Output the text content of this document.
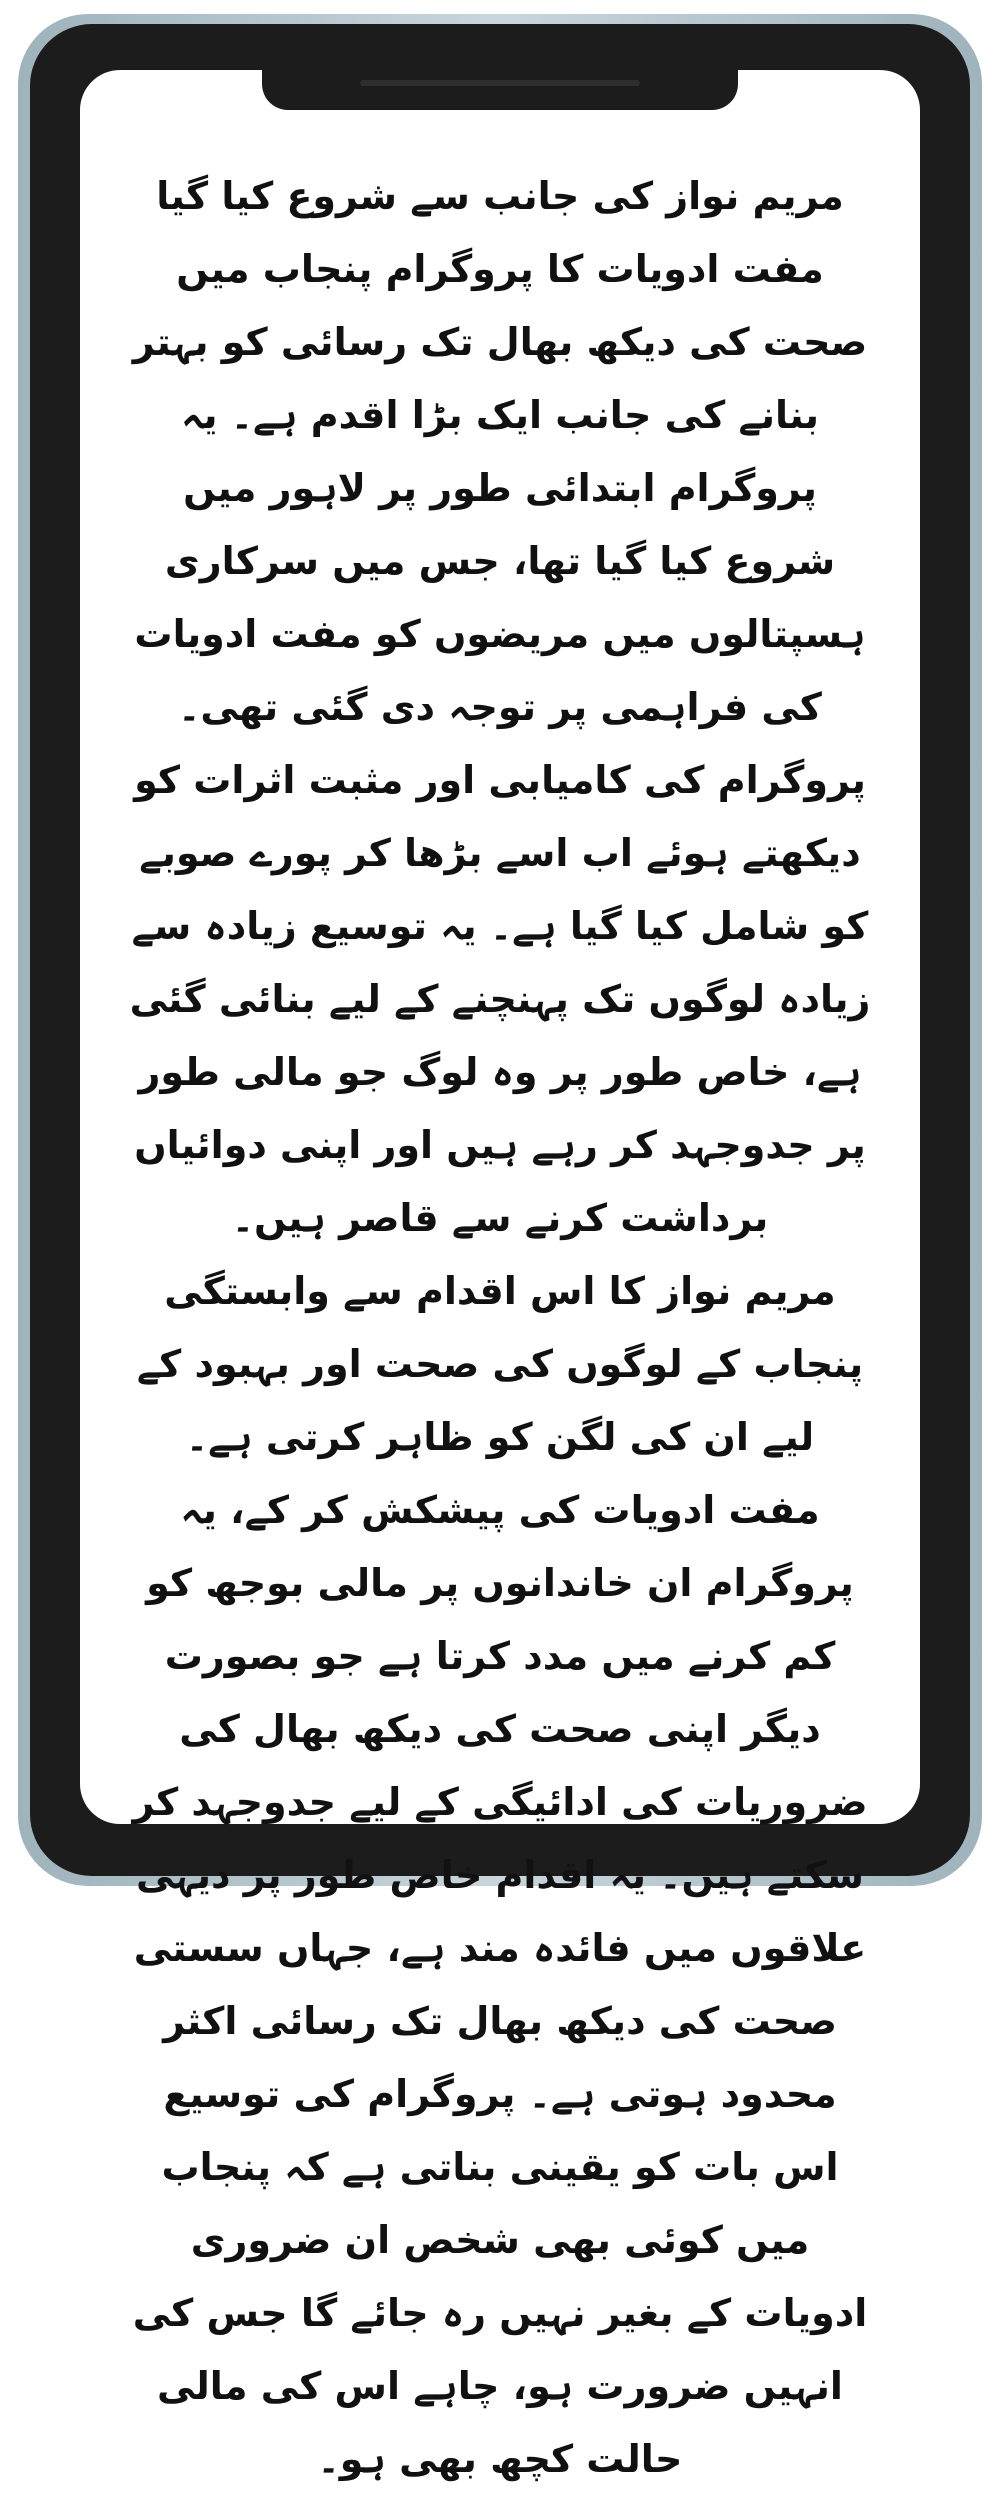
مریم نواز کی جانب سے شروع کیا گیا مفت ادویات کا پروگرام پنجاب میں صحت کی دیکھ بھال تک رسائی کو بہتر بنانے کی جانب ایک بڑا اقدم ہے۔ یہ پروگرام ابتدائی طور پر لاہور میں شروع کیا گیا تھا، جس میں سرکاری ہسپتالوں میں مریضوں کو مفت ادویات کی فراہمی پر توجہ دی گئی تھی۔ پروگرام کی کامیابی اور مثبت اثرات کو دیکھتے ہوئے اب اسے بڑھا کر پورے صوبے کو شامل کیا گیا ہے۔ یہ توسیع زیادہ سے زیادہ لوگوں تک پہنچنے کے لیے بنائی گئی ہے، خاص طور پر وہ لوگ جو مالی طور پر جدوجہد کر رہے ہیں اور اپنی دوائیاں برداشت کرنے سے قاصر ہیں۔

مریم نواز کا اس اقدام سے وابستگی پنجاب کے لوگوں کی صحت اور بہبود کے لیے ان کی لگن کو ظاہر کرتی ہے۔

مفت ادویات کی پیشکش کر کے، یہ پروگرام ان خاندانوں پر مالی بوجھ کو کم کرنے میں مدد کرتا ہے جو بصورت دیگر اپنی صحت کی دیکھ بھال کی ضروریات کی ادائیگی کے لیے جدوجہد کر سکتے ہیں۔ یہ اقدام خاص طور پر دیہی علاقوں میں فائدہ مند ہے، جہاں سستی صحت کی دیکھ بھال تک رسائی اکثر محدود ہوتی ہے۔ پروگرام کی توسیع اس بات کو یقینی بناتی ہے کہ پنجاب میں کوئی بھی شخص ان ضروری ادویات کے بغیر نہیں رہ جائے گا جس کی انہیں ضرورت ہو، چاہے اس کی مالی حالت کچھ بھی ہو۔
